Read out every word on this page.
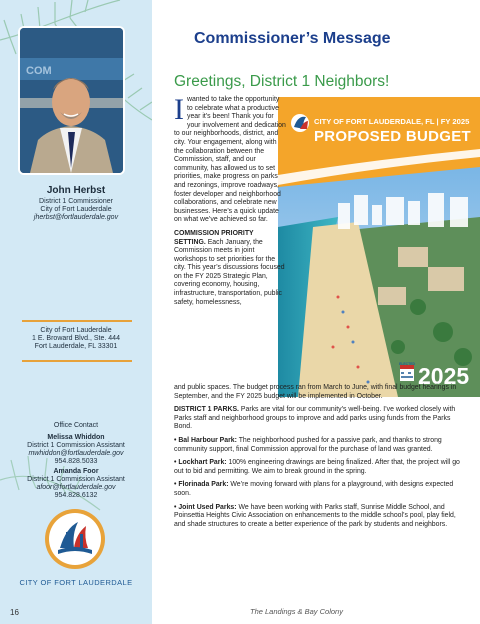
COM
John Herbst
District 1 Commissioner
City of Fort Lauderdale
jherbst@fortlauderdale.gov
City of Fort Lauderdale
1 E. Broward Blvd., Ste. 444
Fort Lauderdale, FL 33301
Office Contact
Melissa Whiddon
District 1 Commission Assistant
mwhiddon@fortlauderdale.gov
954.828.5033
Amanda Foor
District 1 Commission Assistant
afoor@fortlauderdale.gov
954.828.6132
CITY OF FORT LAUDERDALE
16	The Landings & Bay Colony
Commissioner’s Message
Greetings, District 1 Neighbors!
CITY OF FORT LAUDERDALE, FL | FY 2025
PROPOSED BUDGET
2025
ELECTED

Iwanted to take the opportunity to celebrate what a productive year it’s been! Thank you for your involvement and dedication to our neighborhoods, district, and city. Your engagement, along with the collaboration between the Commission, staff, and our community, has allowed us to set priorities, make progress on parks and rezonings, improve roadways, foster developer and neighborhood collaborations, and celebrate new businesses. Here’s a quick update on what we’ve achieved so far.

COMMISSION PRIORITY SETTING. Each January, the Commission meets in joint workshops to set priorities for the city. This year’s discussions focused on the FY 2025 Strategic Plan, covering economy, housing, infrastructure, transportation, public safety, homelessness,

and public spaces. The budget process ran from March to June, with final budget hearings in September, and the FY 2025 budget will be implemented in October.

DISTRICT 1 PARKS. Parks are vital for our community’s well-being. I’ve worked closely with Parks staff and neighborhood groups to improve and add parks using funds from the Parks Bond.

• Bal Harbour Park: The neighborhood pushed for a passive park, and thanks to strong community support, final Commission approval for the purchase of land was granted.

• Lockhart Park: 100% engineering drawings are being finalized. After that, the project will go out to bid and permitting. We aim to break ground in the spring.

• Florinada Park: We’re moving forward with plans for a playground, with designs expected soon.

• Joint Used Parks: We have been working with Parks staff, Sunrise Middle School, and Poinsettia Heights Civic Association on enhancements to the middle school’s pool, play field, and shade structures to create a better experience of the park by students and neighbors.
